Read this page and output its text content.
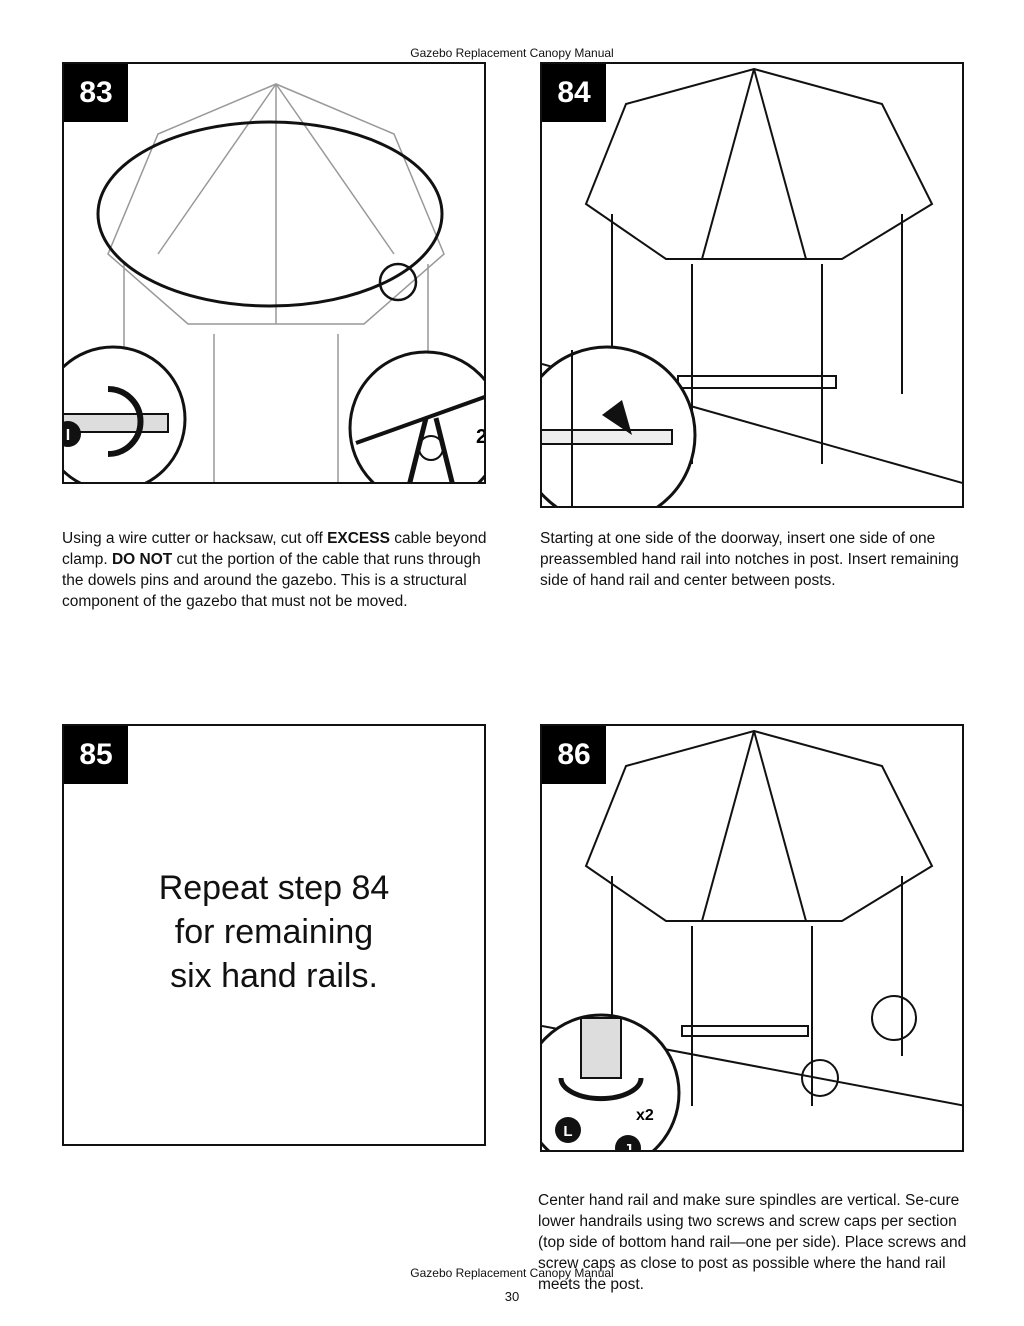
Gazebo Replacement Canopy Manual
I	2
83
Using a wire cutter or hacksaw, cut off EXCESS cable beyond clamp. DO NOT cut the portion of the cable that runs through the dowels pins and around the gazebo. This is a structural component of the gazebo that must not be moved.
84
Starting at one side of the doorway, insert one side of one preassembled hand rail into notches in post. Insert remaining side of hand rail and center between posts.
85
Repeat step 84
for remaining
six hand rails.
x2
L
J
86
Center hand rail and make sure spindles are vertical. Se-cure lower handrails using two screws and screw caps per section (top side of bottom hand rail—one per side). Place screws and screw caps as close to post as possible where the hand rail meets the post.
Gazebo Replacement Canopy Manual
30
